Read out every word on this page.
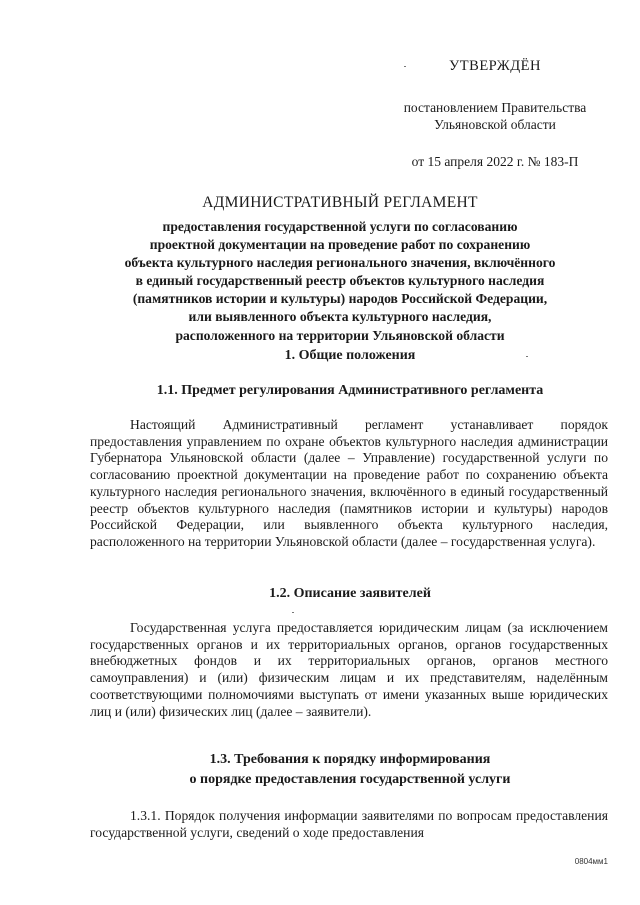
УТВЕРЖДЁН
постановлением Правительства
Ульяновской области
от 15 апреля 2022 г. № 183-П
АДМИНИСТРАТИВНЫЙ РЕГЛАМЕНТ
предоставления государственной услуги по согласованию
проектной документации на проведение работ по сохранению
объекта культурного наследия регионального значения, включённого
в единый государственный реестр объектов культурного наследия
(памятников истории и культуры) народов Российской Федерации,
или выявленного объекта культурного наследия,
расположенного на территории Ульяновской области
1. Общие положения
1.1. Предмет регулирования Административного регламента
Настоящий Административный регламент устанавливает порядок предоставления управлением по охране объектов культурного наследия администрации Губернатора Ульяновской области (далее – Управление) государственной услуги по согласованию проектной документации на проведение работ по сохранению объекта культурного наследия регионального значения, включённого в единый государственный реестр объектов культурного наследия (памятников истории и культуры) народов Российской Федерации, или выявленного объекта культурного наследия, расположенного на территории Ульяновской области (далее – государственная услуга).
1.2. Описание заявителей
Государственная услуга предоставляется юридическим лицам (за исключением государственных органов и их территориальных органов, органов государственных внебюджетных фондов и их территориальных органов, органов местного самоуправления) и (или) физическим лицам и их представителям, наделённым соответствующими полномочиями выступать от имени указанных выше юридических лиц и (или) физических лиц (далее – заявители).
1.3. Требования к порядку информирования
о порядке предоставления государственной услуги
1.3.1. Порядок получения информации заявителями по вопросам предоставления государственной услуги, сведений о ходе предоставления
0804мм1
